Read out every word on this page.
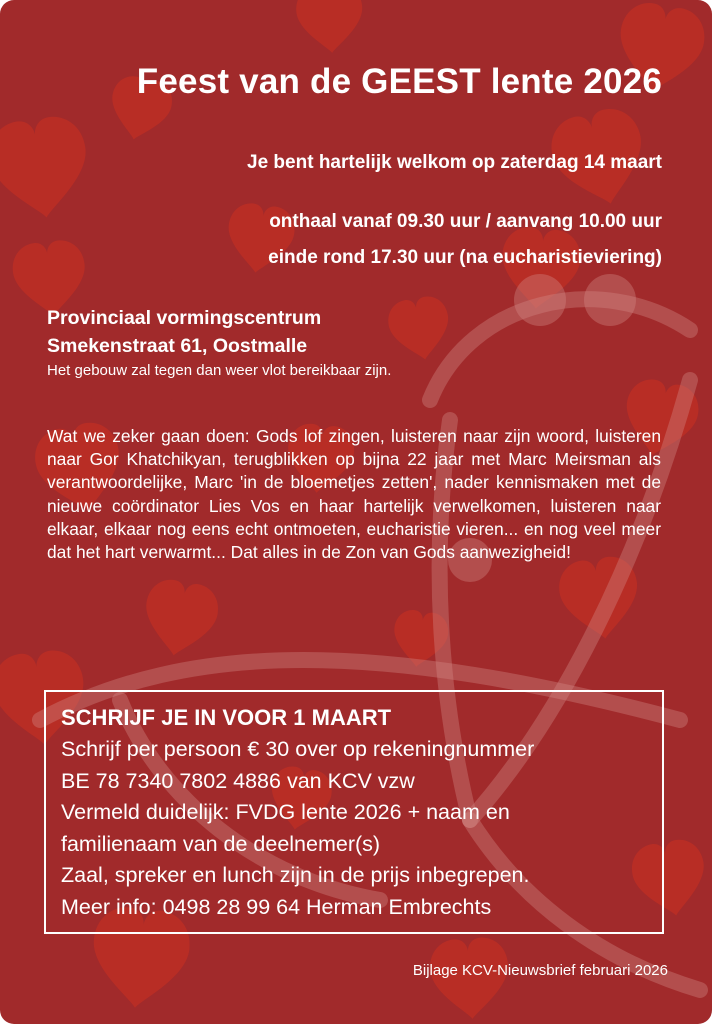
Feest van de GEEST lente 2026
Je bent hartelijk welkom op zaterdag 14 maart
onthaal vanaf 09.30 uur / aanvang 10.00 uur
einde rond 17.30 uur (na eucharistieviering)
Provinciaal vormingscentrum
Smekenstraat 61, Oostmalle
Het gebouw zal tegen dan weer vlot bereikbaar zijn.
Wat we zeker gaan doen: Gods lof zingen, luisteren naar zijn woord, luisteren naar Gor Khatchikyan, terugblikken op bijna 22 jaar met Marc Meirsman als verantwoordelijke, Marc 'in de bloemetjes zetten', nader kennismaken met de nieuwe coördinator Lies Vos en haar hartelijk verwelkomen, luisteren naar elkaar, elkaar nog eens echt ontmoeten, eucharistie vieren... en nog veel meer dat het hart verwarmt... Dat alles in de Zon van Gods aanwezigheid!
SCHRIJF JE IN VOOR 1 MAART
Schrijf per persoon € 30 over op rekeningnummer
BE 78 7340 7802 4886 van KCV vzw
Vermeld duidelijk: FVDG lente 2026 + naam en
familienaam van de deelnemer(s)
Zaal, spreker en lunch zijn in de prijs inbegrepen.
Meer info: 0498 28 99 64 Herman Embrechts
Bijlage KCV-Nieuwsbrief februari 2026
